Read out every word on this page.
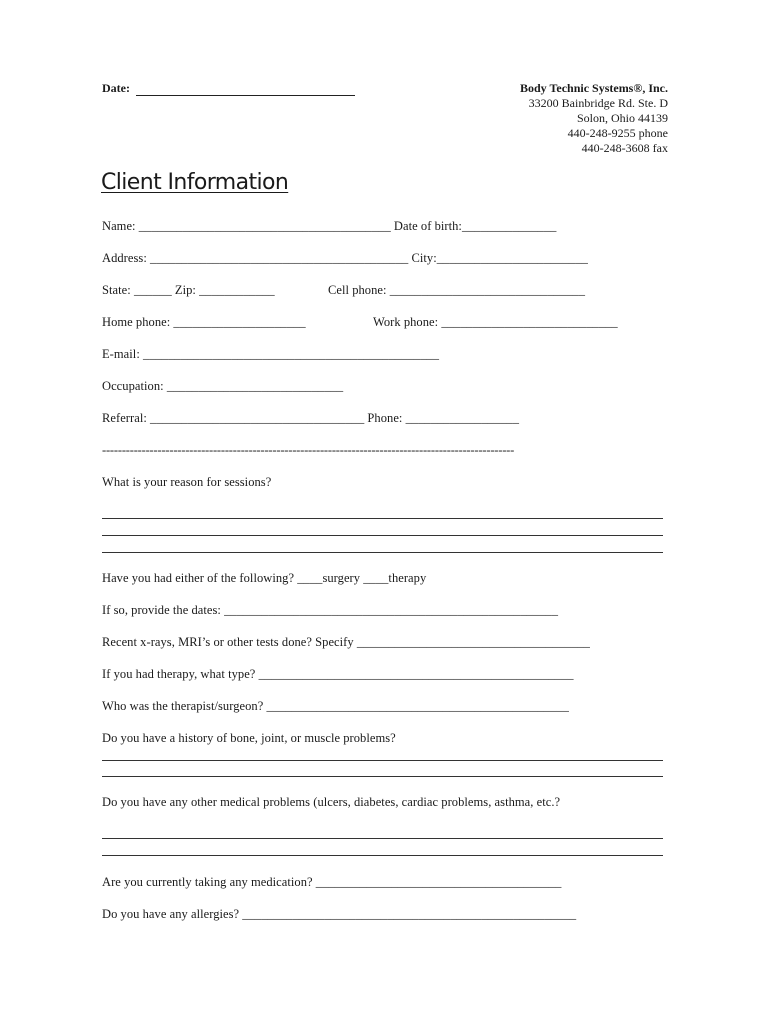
Date:	Body Technic Systems®, Inc.
33200 Bainbridge Rd. Ste. D
Solon, Ohio 44139
440-248-9255 phone
440-248-3608 fax
Client Information
Name: ________________________________________ Date of birth:_______________
Address: _________________________________________ City:________________________
State: ______ Zip: ____________	Cell phone: _______________________________
Home phone: _____________________	Work phone: ____________________________
E-mail: _______________________________________________
Occupation: ____________________________
Referral: __________________________________ Phone: __________________
--------------------------------------------------------------------------------------------------------
What is your reason for sessions?
Have you had either of the following? ____surgery ____therapy
If so, provide the dates: _____________________________________________________
Recent x-rays, MRI’s or other tests done? Specify _____________________________________
If you had therapy, what type? __________________________________________________
Who was the therapist/surgeon? ________________________________________________
Do you have a history of bone, joint, or muscle problems?
Do you have any other medical problems (ulcers, diabetes, cardiac problems, asthma, etc.?
Are you currently taking any medication? _______________________________________
Do you have any allergies? _____________________________________________________
